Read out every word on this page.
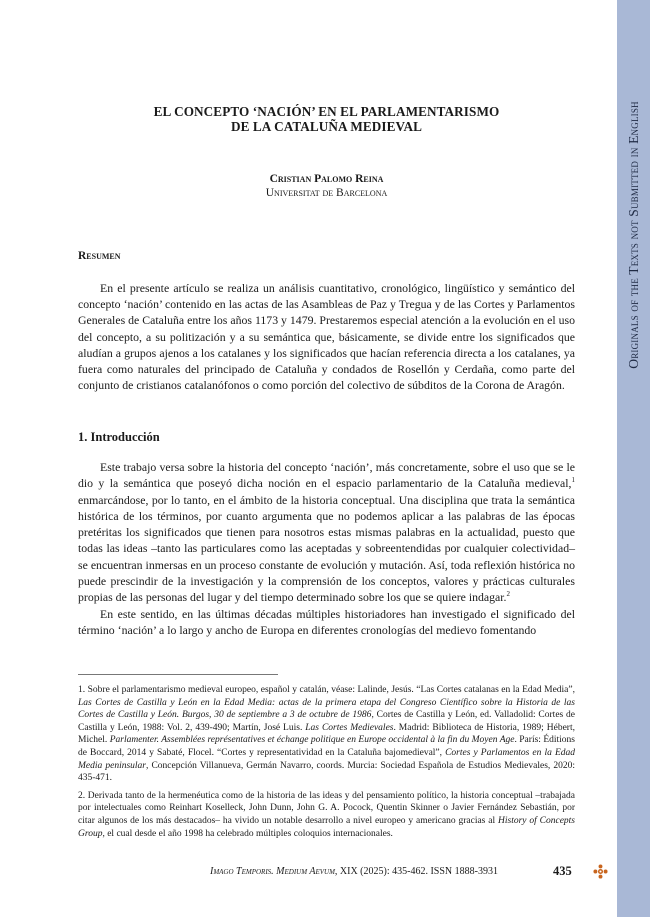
Originals of the Texts not Submitted in English
EL CONCEPTO ‘NACIÓN’ EN EL PARLAMENTARISMO
DE LA CATALUÑA MEDIEVAL
Cristian Palomo Reina
Universitat de Barcelona
Resumen

En el presente artículo se realiza un análisis cuantitativo, cronológico, lingüístico y semántico del concepto ‘nación’ contenido en las actas de las Asambleas de Paz y Tregua y de las Cortes y Parlamentos Generales de Cataluña entre los años 1173 y 1479. Prestaremos especial atención a la evolución en el uso del concepto, a su politización y a su semántica que, básicamente, se divide entre los significados que aludían a grupos ajenos a los catalanes y los significados que hacían referencia directa a los catalanes, ya fuera como naturales del principado de Cataluña y condados de Rosellón y Cerdaña, como parte del conjunto de cristianos catalanófonos o como porción del colectivo de súbditos de la Corona de Aragón.

1. Introducción

Este trabajo versa sobre la historia del concepto ‘nación’, más concretamente, sobre el uso que se le dio y la semántica que poseyó dicha noción en el espacio parlamentario de la Cataluña medieval,$^1$ enmarcándose, por lo tanto, en el ámbito de la historia conceptual. Una disciplina que trata la semántica histórica de los términos, por cuanto argumenta que no podemos aplicar a las palabras de las épocas pretéritas los significados que tienen para nosotros estas mismas palabras en la actualidad, puesto que todas las ideas –tanto las particulares como las aceptadas y sobreentendidas por cualquier colectividad– se encuentran inmersas en un proceso constante de evolución y mutación. Así, toda reflexión histórica no puede prescindir de la investigación y la comprensión de los conceptos, valores y prácticas culturales propias de las personas del lugar y del tiempo determinado sobre los que se quiere indagar.$^2$

En este sentido, en las últimas décadas múltiples historiadores han investigado el significado del término ‘nación’ a lo largo y ancho de Europa en diferentes cronologías del medievo fomentando

1. Sobre el parlamentarismo medieval europeo, español y catalán, véase: Lalinde, Jesús. “Las Cortes catalanas en la Edad Media”, Las Cortes de Castilla y León en la Edad Media: actas de la primera etapa del Congreso Científico sobre la Historia de las Cortes de Castilla y León. Burgos, 30 de septiembre a 3 de octubre de 1986, Cortes de Castilla y León, ed. Valladolid: Cortes de Castilla y León, 1988: Vol. 2, 439-490; Martín, José Luis. Las Cortes Medievales. Madrid: Biblioteca de Historia, 1989; Hébert, Michel. Parlamenter. Assemblées représentatives et échange politique en Europe occidental à la fin du Moyen Age. París: Éditions de Boccard, 2014 y Sabaté, Flocel. “Cortes y representatividad en la Cataluña bajomedieval”, Cortes y Parlamentos en la Edad Media peninsular, Concepción Villanueva, Germán Navarro, coords. Murcia: Sociedad Española de Estudios Medievales, 2020: 435-471.

2. Derivada tanto de la hermenéutica como de la historia de las ideas y del pensamiento político, la historia conceptual –trabajada por intelectuales como Reinhart Koselleck, John Dunn, John G. A. Pocock, Quentin Skinner o Javier Fernández Sebastián, por citar algunos de los más destacados– ha vivido un notable desarrollo a nivel europeo y americano gracias al History of Concepts Group, el cual desde el año 1998 ha celebrado múltiples coloquios internacionales.

Imago Temporis. Medium Aevum, XIX (2025): 435-462. ISSN 1888-3931	435
